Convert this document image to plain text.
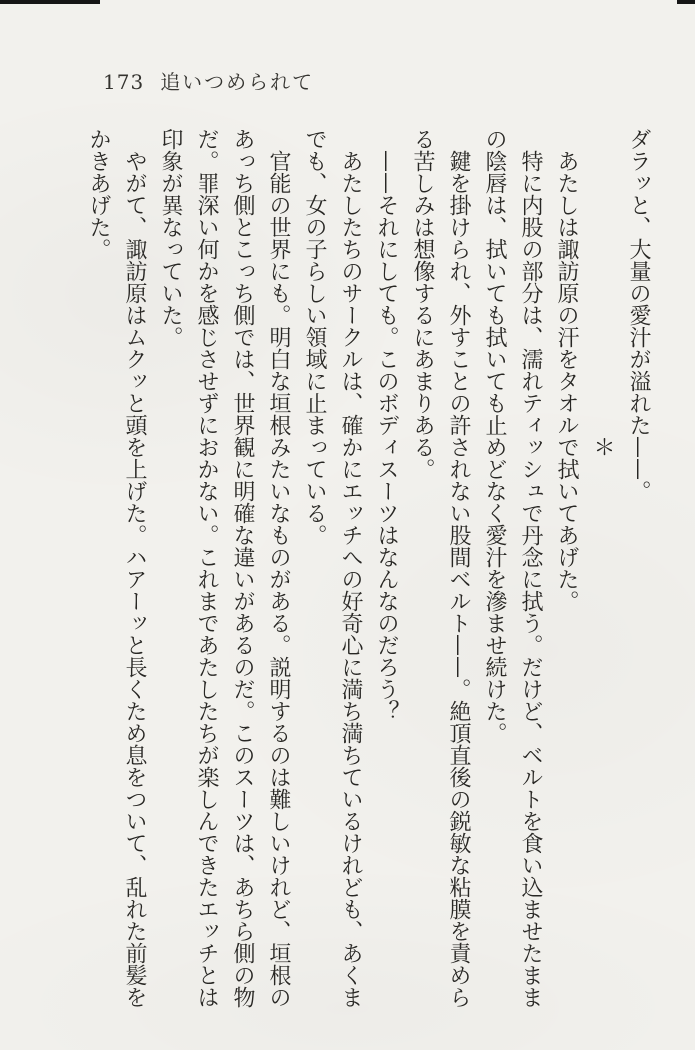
173 追いつめられて
ダラッと、大量の愛汁が溢れた——。
＊
あたしは諏訪原の汗をタオルで拭いてあげた。
特に内股の部分は、濡れティッシュで丹念に拭う。だけど、ベルトを食い込ませたまま
の陰唇は、拭いても拭いても止めどなく愛汁を滲ませ続けた。
鍵を掛けられ、外すことの許されない股間ベルト——。絶頂直後の鋭敏な粘膜を責めら
る苦しみは想像するにあまりある。
——それにしても。このボディスーツはなんなのだろう？
あたしたちのサークルは、確かにエッチへの好奇心に満ち満ちているけれども、あくま
でも、女の子らしい領域に止まっている。
官能の世界にも。明白な垣根みたいなものがある。説明するのは難しいけれど、垣根の
あっち側とこっち側では、世界観に明確な違いがあるのだ。このスーツは、あちら側の物
だ。罪深い何かを感じさせずにおかない。これまであたしたちが楽しんできたエッチとは
印象が異なっていた。
やがて、諏訪原はムクッと頭を上げた。ハアーッと長くため息をついて、乱れた前髪を
かきあげた。
